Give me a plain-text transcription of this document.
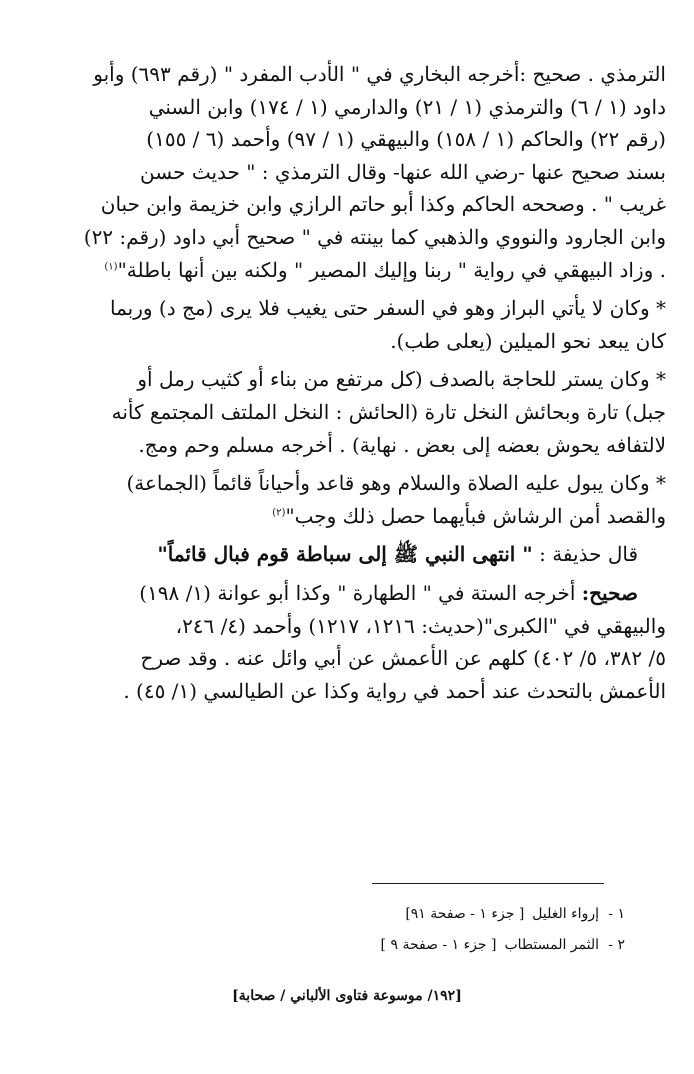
الترمذي . صحيح :أخرجه البخاري في " الأدب المفرد " (رقم ٦٩٣) وأبو
داود (١ / ٦) والترمذي (١ / ٢١) والدارمي (١ / ١٧٤) وابن السني
(رقم ٢٢) والحاكم (١ / ١٥٨) والبيهقي (١ / ٩٧) وأحمد (٦ / ١٥٥)
بسند صحيح عنها -رضي الله عنها- وقال الترمذي : " حديث حسن
غريب " . وصححه الحاكم وكذا أبو حاتم الرازي وابن خزيمة وابن حبان
وابن الجارود والنووي والذهبي كما بينته في " صحيح أبي داود (رقم: ٢٢)
. وزاد البيهقي في رواية " ربنا وإليك المصير " ولكنه بين أنها باطلة"$^{(١)}$

* وكان لا يأتي البراز وهو في السفر حتى يغيب فلا يرى (مج د) وربما
كان يبعد نحو الميلين (يعلى طب).

* وكان يستر للحاجة بالصدف (كل مرتفع من بناء أو كثيب رمل أو
جبل) تارة وبحائش النخل تارة (الحائش : النخل الملتف المجتمع كأنه
لالتفافه يحوش بعضه إلى بعض . نهاية) . أخرجه مسلم وحم ومج.

* وكان يبول عليه الصلاة والسلام وهو قاعد وأحياناً قائماً (الجماعة)
والقصد أمن الرشاش فبأيهما حصل ذلك وجب"$^{(٢)}$

قال حذيفة : " انتهى النبي ﷺ إلى سباطة قوم فبال قائماً"

صحيح: أخرجه الستة في " الطهارة " وكذا أبو عوانة (١/ ١٩٨)
والبيهقي في "الكبرى"(حديث: ١٢١٦، ١٢١٧) وأحمد (٤/ ٢٤٦،
٥/ ٣٨٢، ٥/ ٤٠٢) كلهم عن الأعمش عن أبي وائل عنه . وقد صرح
الأعمش بالتحدث عند أحمد في رواية وكذا عن الطيالسي (١/ ٤٥) .

١ -إرواء الغليل[ جزء ١ - صفحة ٩١]
٢ -الثمر المستطاب[ جزء ١ - صفحة ٩ ]
[١٩٢/ موسوعة فتاوى الألباني / صحابة]
